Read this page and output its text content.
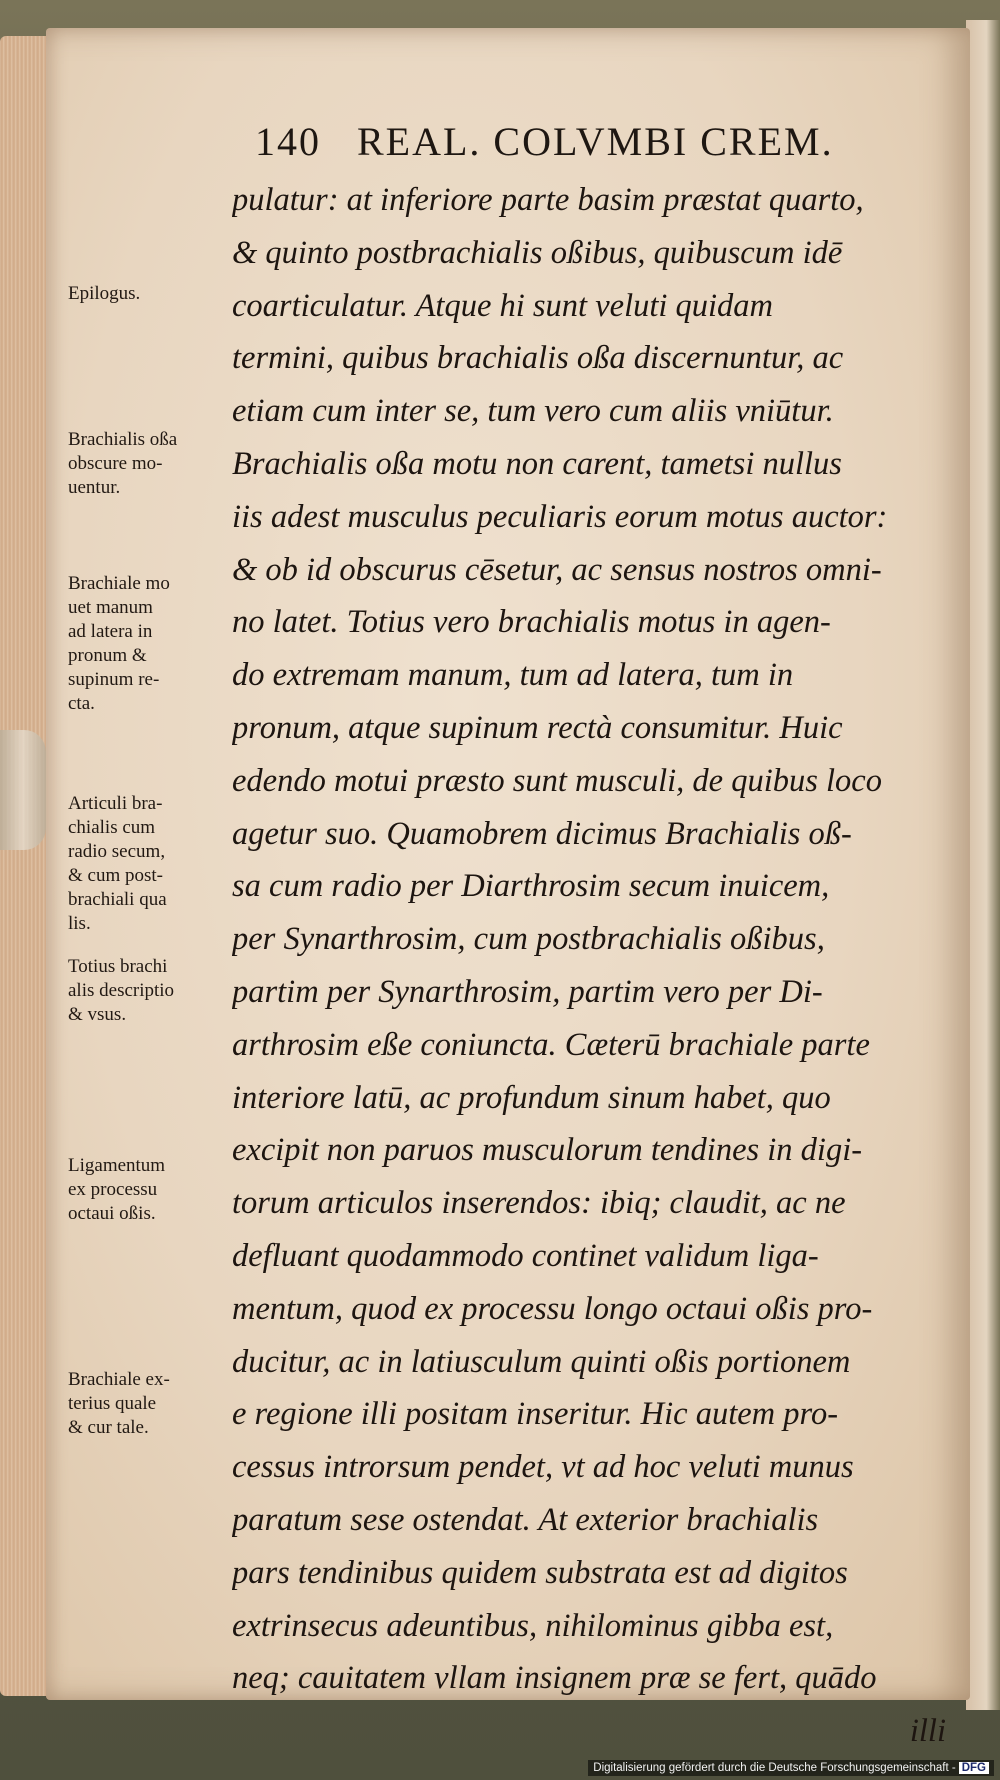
140 REAL. COLVMBI CREM.
pulatur: at inferiore parte basim præstat quarto,
& quinto postbrachialis oßibus, quibuscum idē
coarticulatur. Atque hi sunt veluti quidam
termini, quibus brachialis oßa discernuntur, ac
etiam cum inter se, tum vero cum aliis vniūtur.
Brachialis oßa motu non carent, tametsi nullus
iis adest musculus peculiaris eorum motus auctor:
& ob id obscurus cēsetur, ac sensus nostros omni-
no latet. Totius vero brachialis motus in agen-
do extremam manum, tum ad latera, tum in
pronum, atque supinum rectà consumitur. Huic
edendo motui præsto sunt musculi, de quibus loco
agetur suo. Quamobrem dicimus Brachialis oß-
sa cum radio per Diarthrosim secum inuicem,
per Synarthrosim, cum postbrachialis oßibus,
partim per Synarthrosim, partim vero per Di-
arthrosim eße coniuncta. Cæterū brachiale parte
interiore latū, ac profundum sinum habet, quo
excipit non paruos musculorum tendines in digi-
torum articulos inserendos: ibiq; claudit, ac ne
defluant quodammodo continet validum liga-
mentum, quod ex processu longo octaui oßis pro-
ducitur, ac in latiusculum quinti oßis portionem
e regione illi positam inseritur. Hic autem pro-
cessus introrsum pendet, vt ad hoc veluti munus
paratum sese ostendat. At exterior brachialis
pars tendinibus quidem substrata est ad digitos
extrinsecus adeuntibus, nihilominus gibba est,
neq; cauitatem vllam insignem præ se fert, quādo
illi
Epilogus.
Brachialis oßa
obscure mo-
uentur.
Brachiale mo
uet manum
ad latera in
pronum &
supinum re-
cta.
Articuli bra-
chialis cum
radio secum,
& cum post-
brachiali qua
lis.
Totius brachi
alis descriptio
& vsus.
Ligamentum
ex processu
octaui oßis.
Brachiale ex-
terius quale
& cur tale.
Digitalisierung gefördert durch die Deutsche Forschungsgemeinschaft - DFG
